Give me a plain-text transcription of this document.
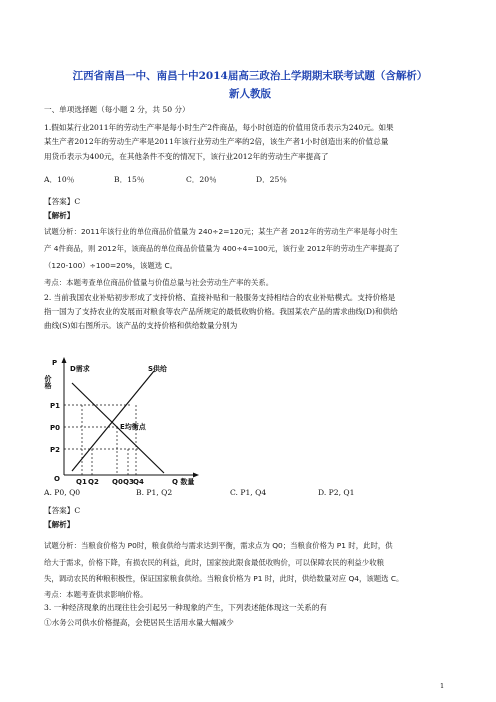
江西省南昌一中、南昌十中2014届高三政治上学期期末联考试题（含解析）
新人教版
一、单项选择题（每小题 2 分，共 50 分）
1.假如某行业2011年的劳动生产率是每小时生产2件商品，每小时创造的价值用货币表示为240元。如果
某生产者2012年的劳动生产率是2011年该行业劳动生产率的2倍，该生产者1小时创造出来的价值总量
用货币表示为400元，在其他条件不变的情况下，该行业2012年的劳动生产率提高了
A．10％	B．15％	C．20％	D．25％
【答案】C
【解析】
试题分析：2011年该行业的单位商品价值量为 240÷2=120元；某生产者 2012年的劳动生产率是每小时生
产 4件商品，则 2012年，该商品的单位商品价值量为 400÷4=100元，该行业 2012年的劳动生产率提高了
（120-100）÷100=20%，该题选 C。
考点：本题考查单位商品价值量与价值总量与社会劳动生产率的关系。
2. 当前我国农业补贴初步形成了支持价格、直接补贴和一般服务支持相结合的农业补贴模式。支持价格是
指一国为了支持农业的发展而对粮食等农产品所规定的最低收购价格。我国某农产品的需求曲线(D)和供给
曲线(S)如右图所示。该产品的支持价格和供给数量分别为
P
价格
O
D需求	S供给
P1
P0
P2
E均衡点
Q1 Q2 Q0 Q3 Q4	Q 数量
A. P0, Q0	B. P1, Q2	C. P1, Q4	D. P2, Q1
【答案】C
【解析】
试题分析：当粮食价格为 P0时，粮食供给与需求达到平衡，需求点为 Q0；当粮食价格为 P1 时，此时，供
给大于需求，价格下降，有损农民的利益，此时，国家按此限食最低收购价，可以保障农民的利益少收粮
失，调动农民的种粮积极性，保证国家粮食供给。当粮食价格为 P1 时，此时，供给数量对应 Q4，该题选 C。
考点：本题考查供求影响价格。
3. 一种经济现象的出现往往会引起另一种现象的产生，下列表述能体现这一关系的有
①水务公司供水价格提高，会使居民生活用水量大幅减少
1
